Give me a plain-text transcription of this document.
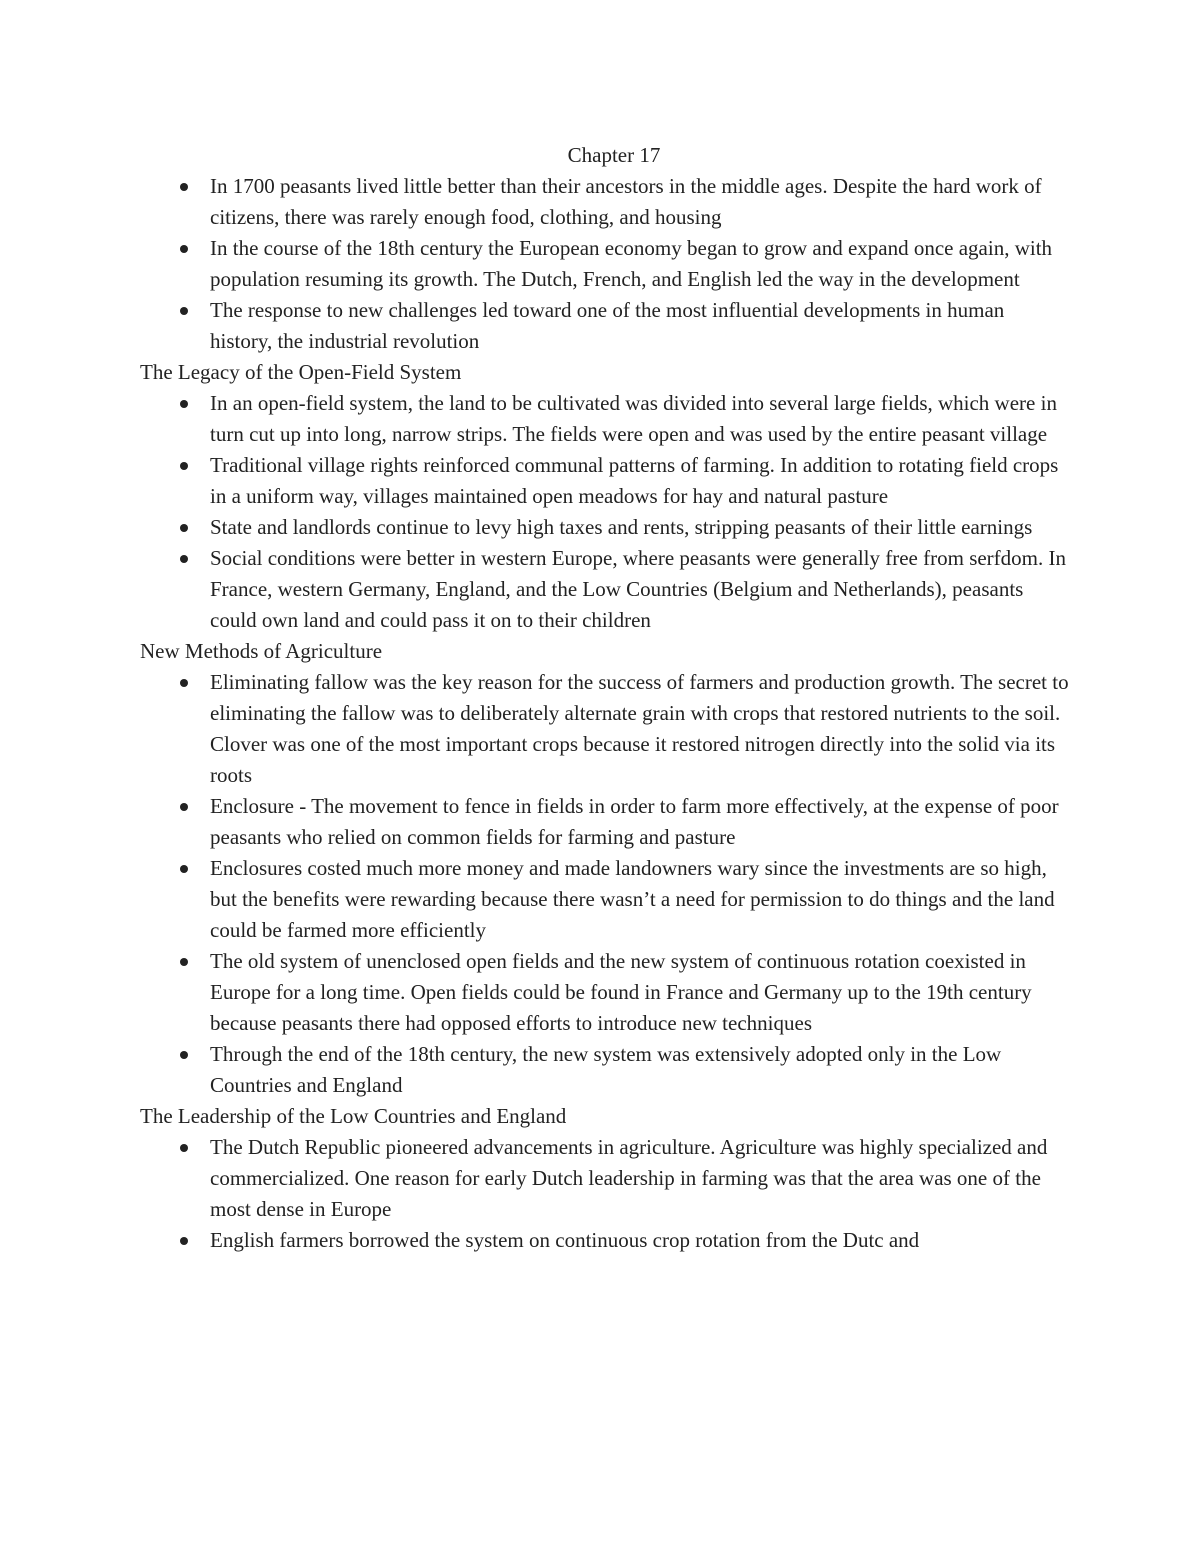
Chapter 17

In 1700 peasants lived little better than their ancestors in the middle ages. Despite the hard work of citizens, there was rarely enough food, clothing, and housing
In the course of the 18th century the European economy began to grow and expand once again, with population resuming its growth. The Dutch, French, and English led the way in the development
The response to new challenges led toward one of the most influential developments in human history, the industrial revolution

The Legacy of the Open-Field System

In an open-field system, the land to be cultivated was divided into several large fields, which were in turn cut up into long, narrow strips. The fields were open and was used by the entire peasant village
Traditional village rights reinforced communal patterns of farming. In addition to rotating field crops in a uniform way, villages maintained open meadows for hay and natural pasture
State and landlords continue to levy high taxes and rents, stripping peasants of their little earnings
Social conditions were better in western Europe, where peasants were generally free from serfdom. In France, western Germany, England, and the Low Countries (Belgium and Netherlands), peasants could own land and could pass it on to their children

New Methods of Agriculture

Eliminating fallow was the key reason for the success of farmers and production growth. The secret to eliminating the fallow was to deliberately alternate grain with crops that restored nutrients to the soil. Clover was one of the most important crops because it restored nitrogen directly into the solid via its roots
Enclosure - The movement to fence in fields in order to farm more effectively, at the expense of poor peasants who relied on common fields for farming and pasture
Enclosures costed much more money and made landowners wary since the investments are so high, but the benefits were rewarding because there wasn’t a need for permission to do things and the land could be farmed more efficiently
The old system of unenclosed open fields and the new system of continuous rotation coexisted in Europe for a long time. Open fields could be found in France and Germany up to the 19th century because peasants there had opposed efforts to introduce new techniques
Through the end of the 18th century, the new system was extensively adopted only in the Low Countries and England

The Leadership of the Low Countries and England

The Dutch Republic pioneered advancements in agriculture. Agriculture was highly specialized and commercialized. One reason for early Dutch leadership in farming was that the area was one of the most dense in Europe
English farmers borrowed the system on continuous crop rotation from the Dutc and
